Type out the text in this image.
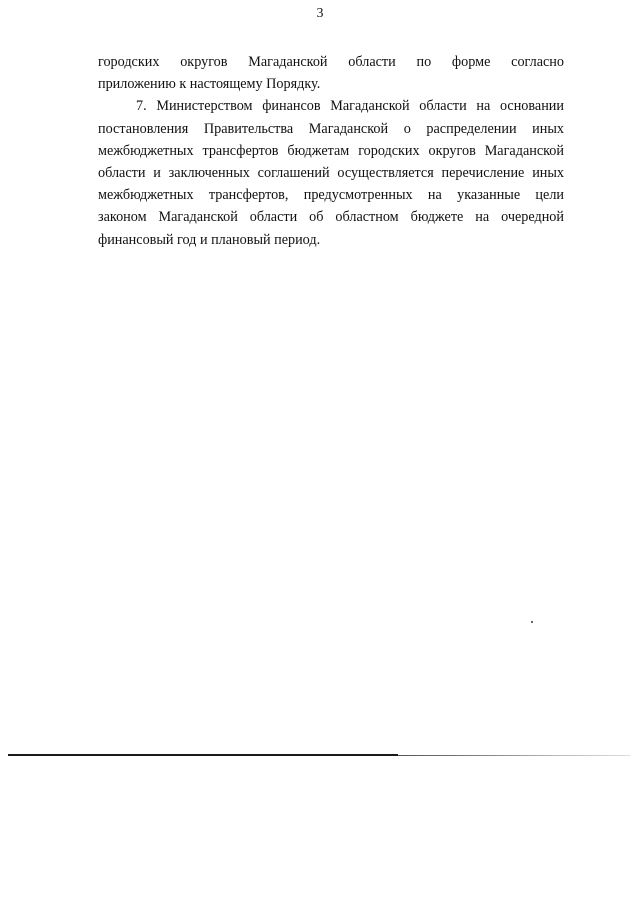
3

городских округов Магаданской области по форме согласно
приложению к настоящему Порядку.

7. Министерством финансов Магаданской области на основании
постановления Правительства Магаданской о распределении иных
межбюджетных трансфертов бюджетам городских округов Магаданской
области и заключенных соглашений осуществляется перечисление иных
межбюджетных трансфертов, предусмотренных на указанные цели
законом Магаданской области об областном бюджете на очередной
финансовый год и плановый период.
